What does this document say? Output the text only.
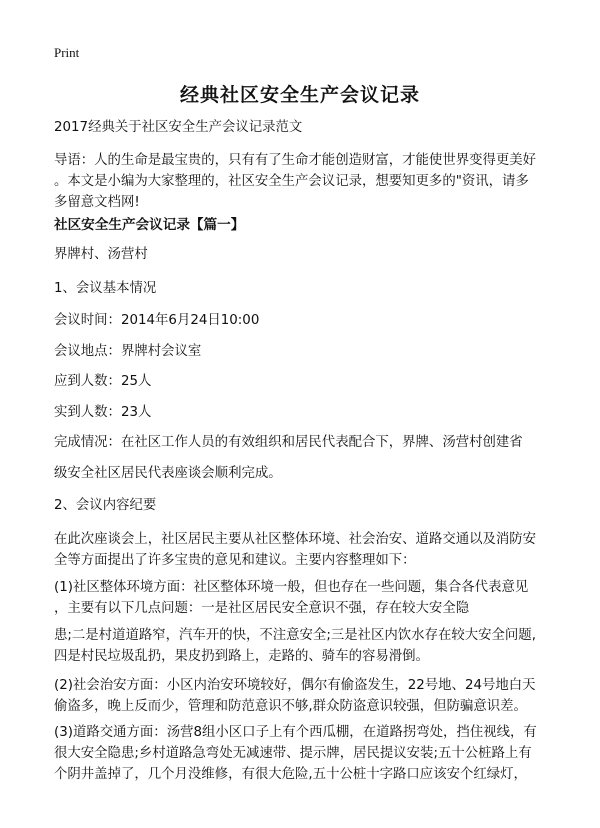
Print
经典社区安全生产会议记录
2017经典关于社区安全生产会议记录范文
导语：人的生命是最宝贵的，只有有了生命才能创造财富，才能使世界变得更美好
。本文是小编为大家整理的，社区安全生产会议记录，想要知更多的"资讯，请多
多留意文档网!
社区安全生产会议记录【篇一】
界牌村、汤营村
1、会议基本情况
会议时间：2014年6月24日10:00
会议地点：界牌村会议室
应到人数：25人
实到人数：23人
完成情况：在社区工作人员的有效组织和居民代表配合下，界牌、汤营村创建省
级安全社区居民代表座谈会顺利完成。
2、会议内容纪要
在此次座谈会上，社区居民主要从社区整体环境、社会治安、道路交通以及消防安
全等方面提出了许多宝贵的意见和建议。主要内容整理如下：
(1)社区整体环境方面：社区整体环境一般，但也存在一些问题，集合各代表意见
，主要有以下几点问题：一是社区居民安全意识不强，存在较大安全隐
患;二是村道道路窄，汽车开的快，不注意安全;三是社区内饮水存在较大安全问题,
四是村民垃圾乱扔，果皮扔到路上，走路的、骑车的容易滑倒。
(2)社会治安方面：小区内治安环境较好，偶尔有偷盗发生，22号地、24号地白天
偷盗多，晚上反而少，管理和防范意识不够,群众防盗意识较强，但防骗意识差。
(3)道路交通方面：汤营8组小区口子上有个西瓜棚，在道路拐弯处，挡住视线，有
很大安全隐患;乡村道路急弯处无减速带、提示牌，居民提议安装;五十公桩路上有
个阴井盖掉了，几个月没维修，有很大危险,五十公桩十字路口应该安个红绿灯，
